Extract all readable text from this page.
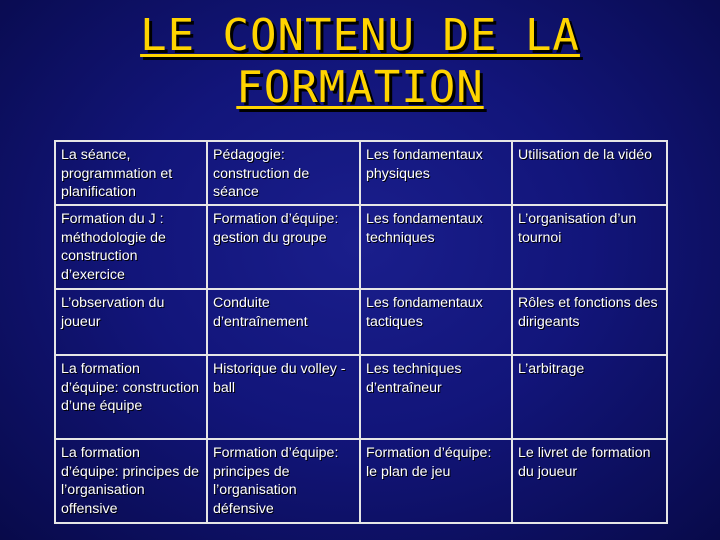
LE CONTENU DE LA
FORMATION
La séance, programmation et planification	Pédagogie: construction de séance	Les fondamentaux physiques	Utilisation de la vidéo
Formation du J : méthodologie de construction d’exercice	Formation d’équipe: gestion du groupe	Les fondamentaux techniques	L’organisation d’un tournoi
L’observation du joueur	Conduite d’entraînement	Les fondamentaux tactiques	Rôles et fonctions des dirigeants
La formation d’équipe: construction d’une équipe	Historique du volley -ball	Les techniques d’entraîneur	L’arbitrage
La formation d’équipe: principes de l’organisation offensive	Formation d’équipe: principes de l’organisation défensive	Formation d’équipe: le plan de jeu	Le livret de formation du joueur
